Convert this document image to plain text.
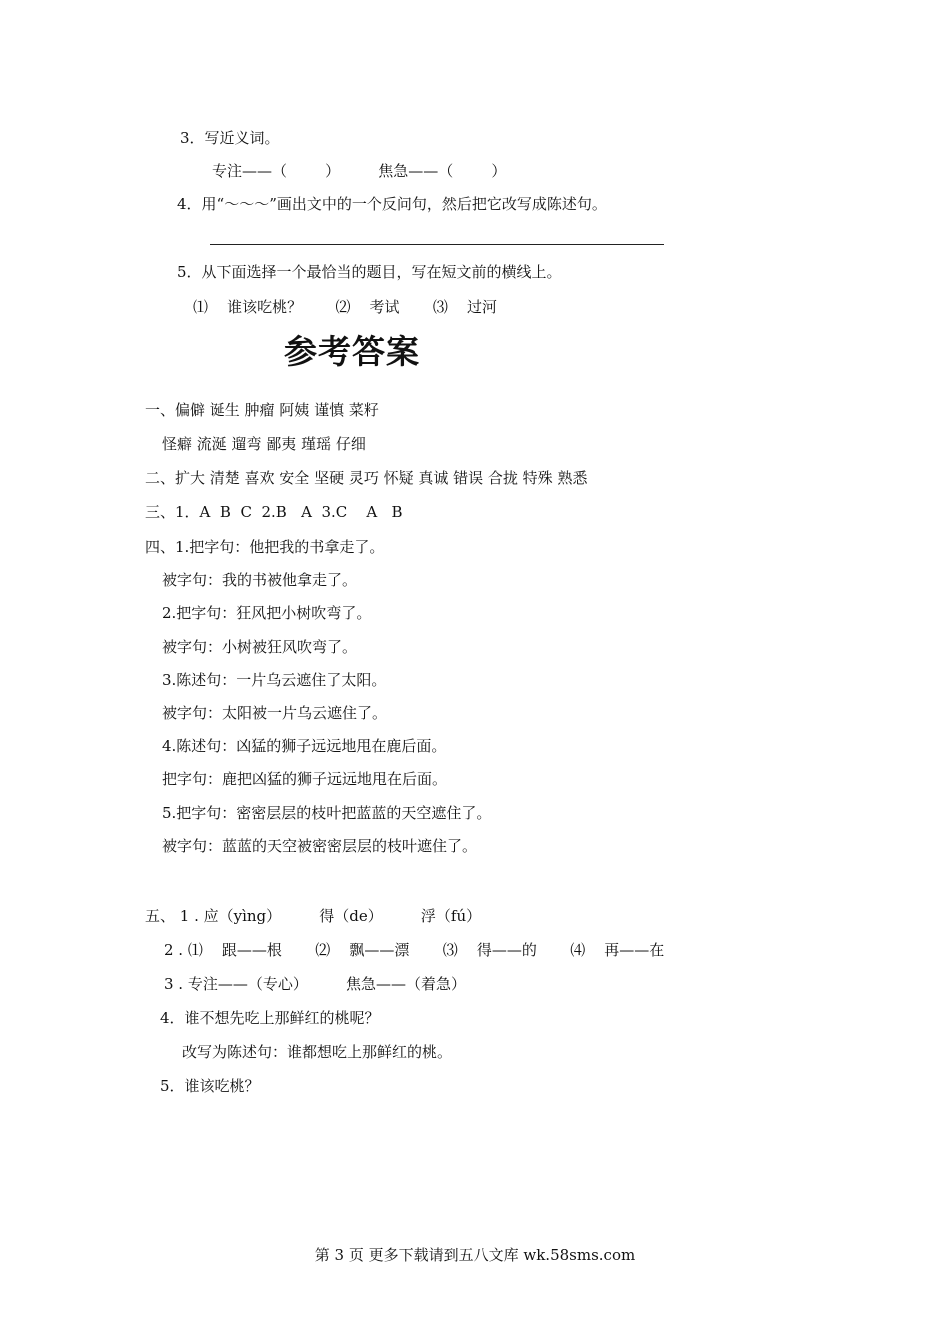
3．写近义词。
专注——（        ）        焦急——（        ）
4．用“～～～”画出文中的一个反问句，然后把它改写成陈述句。
5．从下面选择一个最恰当的题目，写在短文前的横线上。
⑴    谁该吃桃？       ⑵    考试       ⑶    过河
参考答案
一、偏僻 诞生 肿瘤 阿姨 谨慎 菜籽
怪癖 流涎 遛弯 鄙夷 瑾瑶 仔细
二、扩大 清楚 喜欢 安全 坚硬 灵巧 怀疑 真诚 错误 合拢 特殊 熟悉
三、1．A  B  C  2.B   A  3.C    A   B
四、1.把字句：他把我的书拿走了。
被字句：我的书被他拿走了。
2.把字句：狂风把小树吹弯了。
被字句：小树被狂风吹弯了。
3.陈述句：一片乌云遮住了太阳。
被字句：太阳被一片乌云遮住了。
4.陈述句：凶猛的狮子远远地甩在鹿后面。
把字句：鹿把凶猛的狮子远远地甩在后面。
5.把字句：密密层层的枝叶把蓝蓝的天空遮住了。
被字句：蓝蓝的天空被密密层层的枝叶遮住了。
五、 1 . 应（yìng）        得（de）        浮（fú）
2 . ⑴    跟——根       ⑵    飘——漂       ⑶    得——的       ⑷    再——在
3 . 专注——（专心）        焦急——（着急）
4．谁不想先吃上那鲜红的桃呢？
改写为陈述句：谁都想吃上那鲜红的桃。
5．谁该吃桃？
第 3 页 更多下载请到五八文库 wk.58sms.com
